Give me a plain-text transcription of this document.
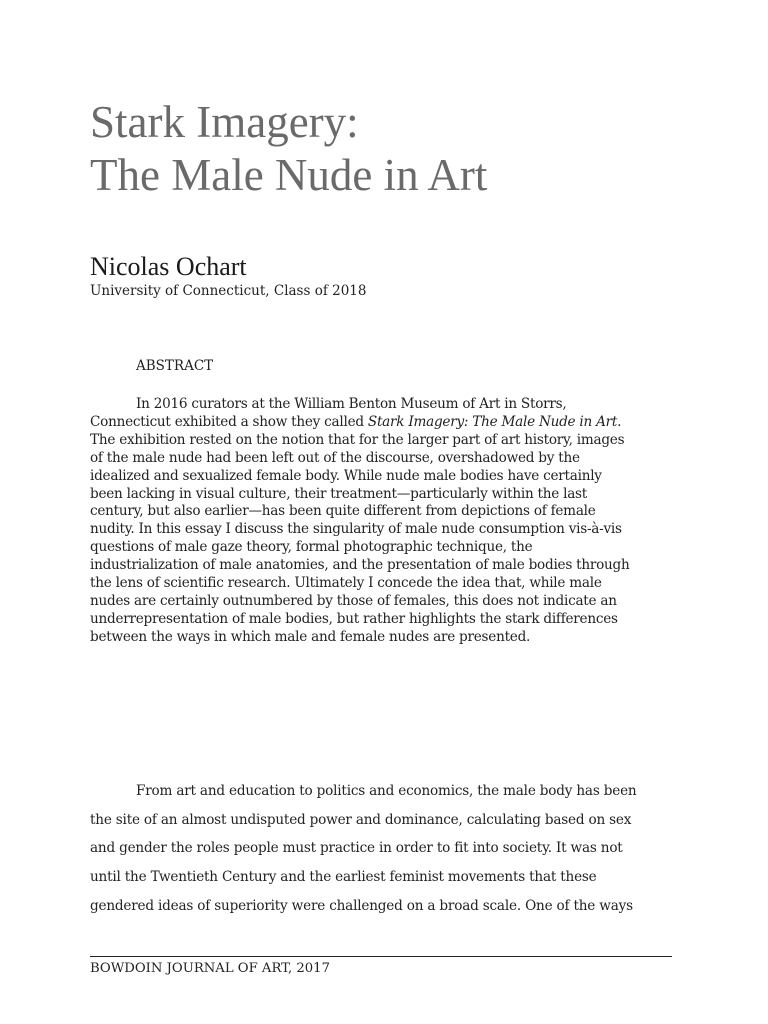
Stark Imagery:
The Male Nude in Art

Nicolas Ochart

University of Connecticut, Class of 2018
ABSTRACT
In 2016 curators at the William Benton Museum of Art in Storrs,
Connecticut exhibited a show they called Stark Imagery: The Male Nude in Art.
The exhibition rested on the notion that for the larger part of art history, images
of the male nude had been left out of the discourse, overshadowed by the
idealized and sexualized female body. While nude male bodies have certainly
been lacking in visual culture, their treatment—particularly within the last
century, but also earlier—has been quite different from depictions of female
nudity. In this essay I discuss the singularity of male nude consumption vis-à-vis
questions of male gaze theory, formal photographic technique, the
industrialization of male anatomies, and the presentation of male bodies through
the lens of scientific research. Ultimately I concede the idea that, while male
nudes are certainly outnumbered by those of females, this does not indicate an
underrepresentation of male bodies, but rather highlights the stark differences
between the ways in which male and female nudes are presented.
From art and education to politics and economics, the male body has been
the site of an almost undisputed power and dominance, calculating based on sex
and gender the roles people must practice in order to fit into society. It was not
until the Twentieth Century and the earliest feminist movements that these
gendered ideas of superiority were challenged on a broad scale. One of the ways
BOWDOIN JOURNAL OF ART, 2017
